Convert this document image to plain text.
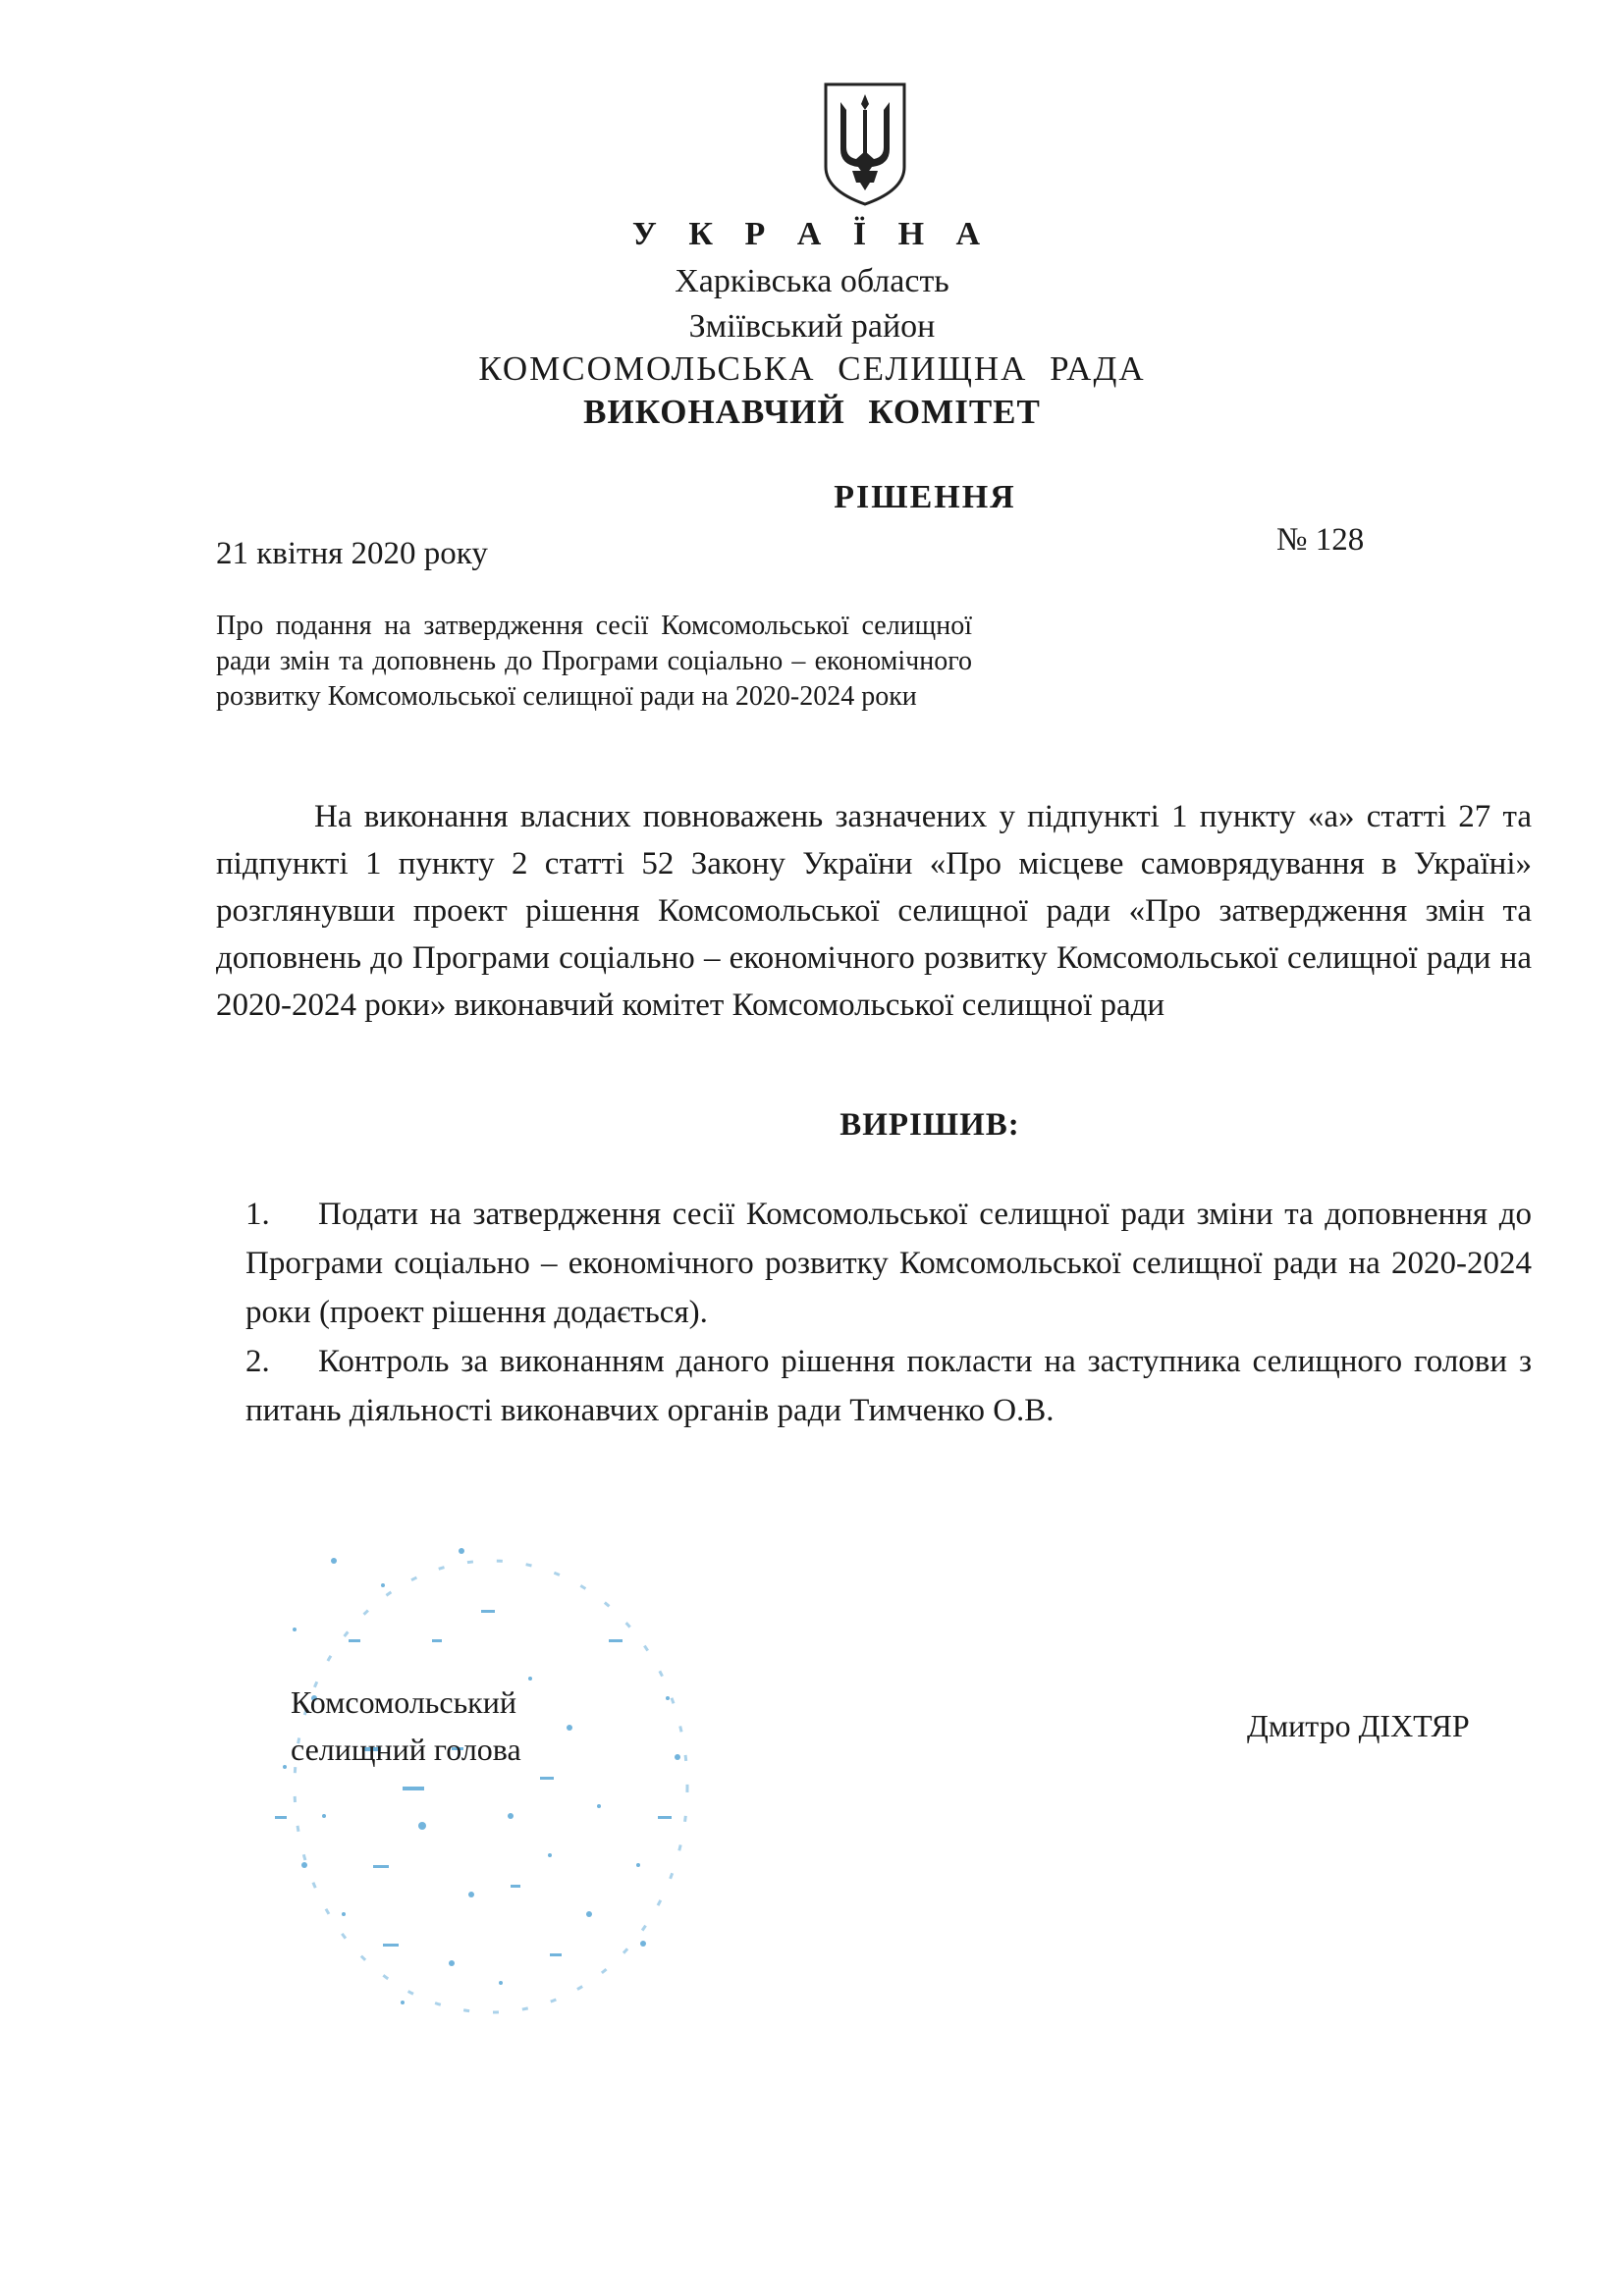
У К Р А Ї Н А
Харківська область
Зміївський район
КОМСОМОЛЬСЬКА СЕЛИЩНА РАДА
ВИКОНАВЧИЙ КОМІТЕТ
РІШЕННЯ
21 квітня 2020 року	№ 128
Про подання на затвердження сесії Комсомольської селищної ради змін та доповнень до Програми соціально – економічного розвитку Комсомольської селищної ради на 2020-2024 роки
На виконання власних повноважень зазначених у підпункті 1 пункту «а» статті 27 та підпункті 1 пункту 2 статті 52 Закону України «Про місцеве самоврядування в Україні» розглянувши проект рішення Комсомольської селищної ради «Про затвердження змін та доповнень до Програми соціально – економічного розвитку Комсомольської селищної ради на 2020-2024 роки» виконавчий комітет Комсомольської селищної ради
ВИРІШИВ:
1. Подати на затвердження сесії Комсомольської селищної ради зміни та доповнення до Програми соціально – економічного розвитку Комсомольської селищної ради на 2020-2024 роки (проект рішення додається).
2. Контроль за виконанням даного рішення покласти на заступника селищного голови з питань діяльності виконавчих органів ради Тимченко О.В.
Комсомольський
селищний голова
Дмитро ДІХТЯР
